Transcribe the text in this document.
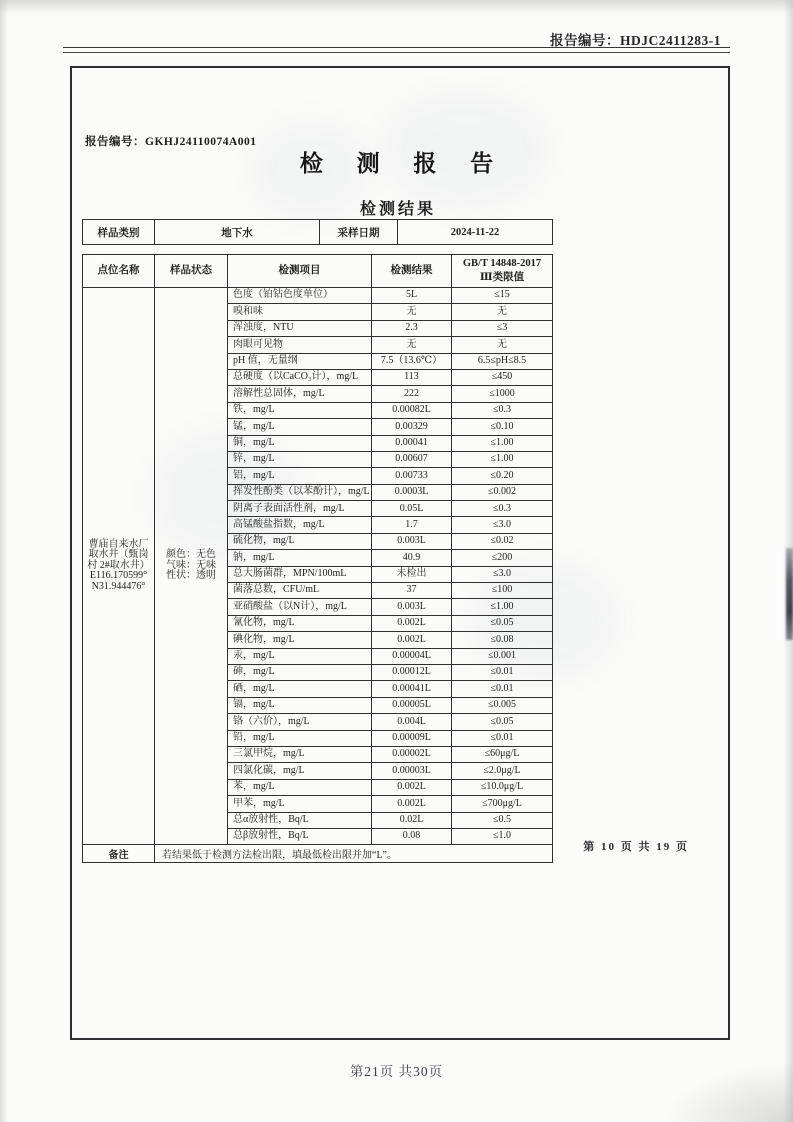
报告编号：HDJC2411283-1
报告编号：GKHJ24110074A001
检 测 报 告
检测结果
样品类别	地下水	采样日期	2024-11-22
点位名称	样品状态	检测项目	检测结果	GB/T 14848-2017
Ⅲ类限值

曹庙自来水厂取水井（甄岗村 2#取水井）
E116.170599°
N31.944476°

颜色：无色
气味：无味
性状：透明
	色度（铂钴色度单位）	5L	≤15
		嗅和味	无	无
		浑浊度，NTU	2.3	≤3
		肉眼可见物	无	无
		pH 值，无量纲	7.5（13.6℃）	6.5≤pH≤8.5
		总硬度（以CaCO₃计），mg/L	113	≤450
		溶解性总固体，mg/L	222	≤1000
		铁，mg/L	0.00082L	≤0.3
		锰，mg/L	0.00329	≤0.10
		铜，mg/L	0.00041	≤1.00
		锌，mg/L	0.00607	≤1.00
		铝，mg/L	0.00733	≤0.20
		挥发性酚类（以苯酚计），mg/L	0.0003L	≤0.002
		阴离子表面活性剂，mg/L	0.05L	≤0.3
		高锰酸盐指数，mg/L	1.7	≤3.0
		硫化物，mg/L	0.003L	≤0.02
		钠，mg/L	40.9	≤200
		总大肠菌群，MPN/100mL	未检出	≤3.0
		菌落总数，CFU/mL	37	≤100
		亚硝酸盐（以N计），mg/L	0.003L	≤1.00
		氰化物，mg/L	0.002L	≤0.05
		碘化物，mg/L	0.002L	≤0.08
		汞，mg/L	0.00004L	≤0.001
		砷，mg/L	0.00012L	≤0.01
		硒，mg/L	0.00041L	≤0.01
		镉，mg/L	0.00005L	≤0.005
		铬（六价），mg/L	0.004L	≤0.05
		铅，mg/L	0.00009L	≤0.01
		三氯甲烷，mg/L	0.00002L	≤60μg/L
		四氯化碳，mg/L	0.00003L	≤2.0μg/L
		苯，mg/L	0.002L	≤10.0μg/L
		甲苯，mg/L	0.002L	≤700μg/L
		总α放射性，Bq/L	0.02L	≤0.5
		总β放射性，Bq/L	0.08	≤1.0
备注	若结果低于检测方法检出限，填最低检出限并加“L”。			
第 10 页 共 19 页
第21页 共30页
